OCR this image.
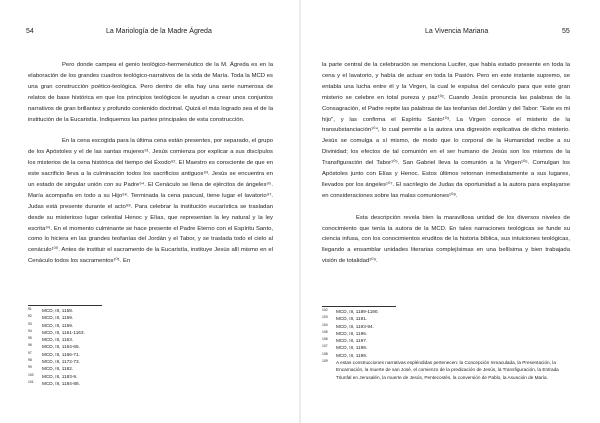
54	La Mariología de la Madre Ágreda

Pero donde campea el genio teológico-hermenéutico de la M. Ágreda es en la elaboración de los grandes cuadros teológico-narrativos de la vida de María. Toda la MCD es una gran construcción poético-teológica. Pero dentro de ella hay una serie numerosa de relatos de base histórica en que los principios teológicos le ayudan a crear unos conjuntos narrativos de gran brillantez y profundo contenido doctrinal. Quizá el más logrado sea el de la institución de la Eucaristía. Indiquemos las partes principales de esta construcción.

En la cena escogida para la última cena están presentes, por separado, el grupo de los Apóstoles y el de las santas mujeres⁹¹. Jesús comienza por explicar a sus discípulos los misterios de la cena histórica del tiempo del Éxodo⁹². El Maestro es consciente de que en este sacrificio lleva a la culminación todos los sacrificios antiguos⁹³. Jesús se encuentra en un estado de singular unión con su Padre⁹⁴. El Cenáculo se llena de ejércitos de ángeles⁹⁵. María acompaña en todo a su Hijo⁹⁶. Terminada la cena pascual, tiene lugar el lavatorio⁹⁷. Judas está presente durante el acto⁹⁸. Para celebrar la institución eucarística se trasladan desde su misterioso lugar celestial Henoc y Elías, que representan la ley natural y la ley escrita⁹⁹. En el momento culminante se hace presente el Padre Eterno con el Espíritu Santo, como lo hiciera en las grandes teofanías del Jordán y el Tabor, y se traslada todo el cielo al cenáculo¹⁰⁰. Antes de instituir el sacramento de la Eucaristía, instituye Jesús allí mismo en el Cenáculo todos los sacramentos¹⁰¹. En

91 MCD, III, 1158.

92 MCD, III, 1159.

93 MCD, III, 1159.

94 MCD, III, 1161-1163.

95 MCD, III, 1163.

96 MCD, III, 1164-65.

97 MCD, III, 1166-71.

98 MCD, III, 1172-73.

99 MCD, III, 1182.

100 MCD, III, 1183-9.

101 MCD, III, 1184-88.

La Vivencia Mariana	55

la parte central de la celebración se menciona Lucifer, que había estado presente en toda la cena y el lavatorio, y había de actuar en toda la Pasión. Pero en este instante supremo, se entabla una lucha entre él y la Virgen, la cual le expulsa del cenáculo para que este gran misterio se celebre en total pureza y paz¹⁰². Cuando Jesús pronuncia las palabras de la Consagración, el Padre repite las palabras de las teofanías del Jordán y del Tabor: "Este es mi hijo", y las confirma el Espíritu Santo¹⁰³. La Virgen conoce el misterio de la transubstanciación¹⁰⁴, lo cual permite a la autora una digresión explicativa de dicho misterio. Jesús se comulga a sí mismo, de modo que lo corporal de la Humanidad recibe a su Divinidad; los efectos de tal comunión en el ser humano de Jesús son los mismos de la Transfiguración del Tabor¹⁰⁵. San Gabriel lleva la comunión a la Virgen¹⁰⁶. Comulgan los Apóstoles junto con Elías y Henoc. Estos últimos retornan inmediatamente a sus lugares, llevados por los ángeles¹⁰⁷. El sacrilegio de Judas da oportunidad a la autora para explayarse en consideraciones sobre las malas comuniones¹⁰⁸.

Esta descripción revela bien la maravillosa unidad de los diversos niveles de conocimiento que tenía la autora de la MCD. En tales narraciones teológicas se funde su ciencia infusa, con los conocimientos eruditos de la historia bíblica, sus intuiciones teológicas, llegando a ensamblar unidades literarias complejísimas en una bellísima y bien trabajada visión de totalidad¹⁰⁹.

102 MCD, III, 1189-1190.

103 MCD, III, 1191.

104 MCD, III, 1193-94.

105 MCD, III, 1196.

106 MCD, III, 1197.

107 MCD, III, 1198.

108 MCD, III, 1199.

109 A estas construcciones narrativas espléndidas pertenecen: la Concepción Inmaculada, la Presentación, la Encarnación, la muerte de san José, el comienzo de la predicación de Jesús, la Transfiguración, la Entrada Triunfal en Jerusalén, la muerte de Jesús, Pentecostés, la conversión de Pablo, la Asunción de María.
